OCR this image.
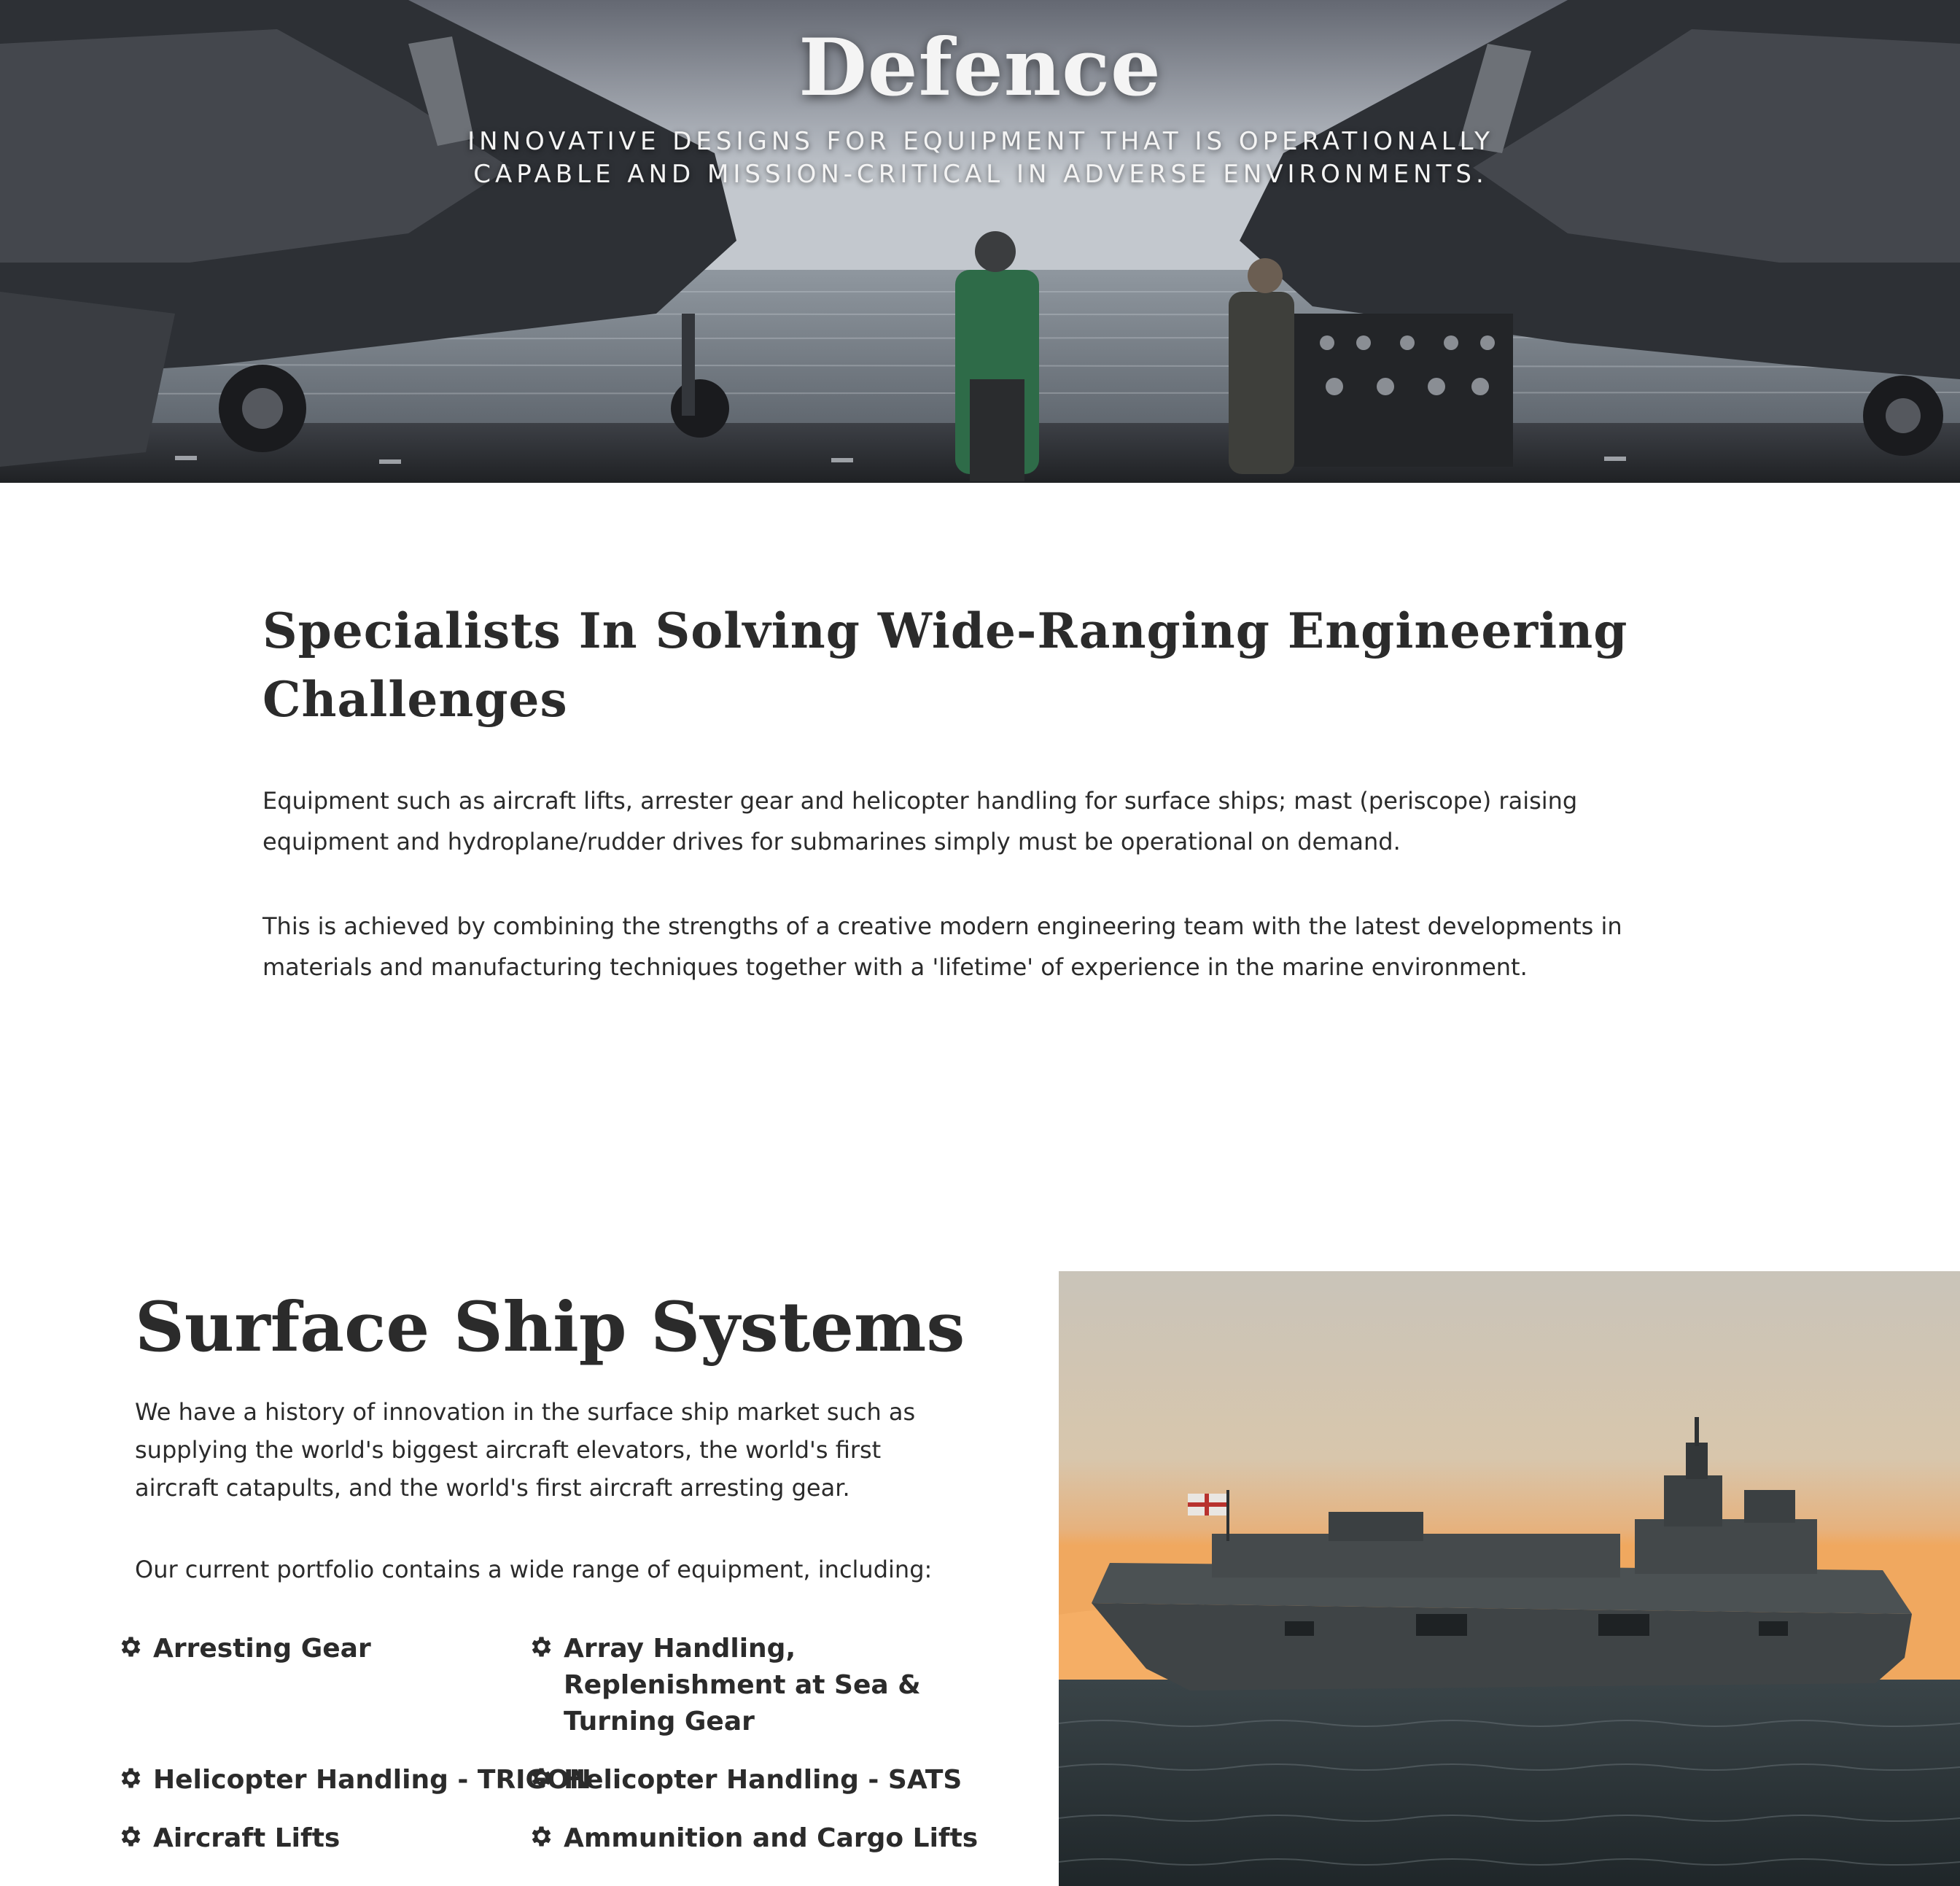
Defence
INNOVATIVE DESIGNS FOR EQUIPMENT THAT IS OPERATIONALLY CAPABLE AND MISSION-CRITICAL IN ADVERSE ENVIRONMENTS.
Specialists In Solving Wide-Ranging Engineering
Challenges

Equipment such as aircraft lifts, arrester gear and helicopter handling for surface ships; mast (periscope) raising equipment and hydroplane/rudder drives for submarines simply must be operational on demand.

This is achieved by combining the strengths of a creative modern engineering team with the latest developments in materials and manufacturing techniques together with a 'lifetime' of experience in the marine environment.

Surface Ship Systems

We have a history of innovation in the surface ship market such as supplying the world's biggest aircraft elevators, the world's first aircraft catapults, and the world's first aircraft arresting gear.

Our current portfolio contains a wide range of equipment, including:

Arresting Gear	Array Handling,
Replenishment at Sea &
Turning Gear
Helicopter Handling - TRIGON
Helicopter Handling - SATS
Aircraft Lifts	Ammunition and Cargo Lifts
